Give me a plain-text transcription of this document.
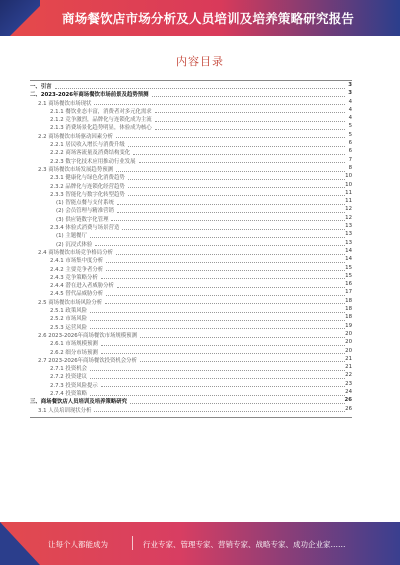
商场餐饮店市场分析及人员培训及培养策略研究报告
内容目录
一、引言	3
二、2023-2026年商场餐饮市场前景及趋势预测	3
2.1 商场餐饮市场现状	4
2.1.1 餐饮业态丰富，消费者对多元化需求	4
2.1.2 竞争激烈，品牌化与连锁化成为主流	4
2.1.3 消费场景化趋势明显，体验成为核心	5
2.2 商场餐饮市场驱动因素分析	5
2.2.1 居民收入增长与消费升级	6
2.2.2 商场客流量及消费结构变化	6
2.2.3 数字化技术应用推动行业发展	7
2.3 商场餐饮市场发展趋势预测	8
2.3.1 健康化与绿色化消费趋势	10
2.3.2 品牌化与连锁化经营趋势	10
2.3.3 智能化与数字化转型趋势	11
(1) 智能点餐与支付系统	11
(2) 会员管理与精准营销	12
(3) 供应链数字化管理	12
2.3.4 体验式消费与场景营造	13
(1) 主题餐厅	13
(2) 沉浸式体验	13
2.4 商场餐饮市场竞争格局分析	14
2.4.1 市场集中度分析	14
2.4.2 主要竞争者分析	15
2.4.3 竞争策略分析	15
2.4.4 潜在进入者威胁分析	16
2.4.5 替代品威胁分析	17
2.5 商场餐饮市场风险分析	18
2.5.1 政策风险	18
2.5.2 市场风险	18
2.5.3 运营风险	19
2.6 2023-2026年商场餐饮市场规模预测	20
2.6.1 市场规模预测	20
2.6.2 细分市场预测	20
2.7 2023-2026年商场餐饮投资机会分析	21
2.7.1 投资机会	21
2.7.2 投资建议	22
2.7.3 投资风险提示	23
2.7.4 投资策略	24
三、商场餐饮店人员培训及培养策略研究	26
3.1 人员培训现状分析	26
让每个人都能成为	行业专家、管理专家、营销专家、战略专家、成功企业家……
